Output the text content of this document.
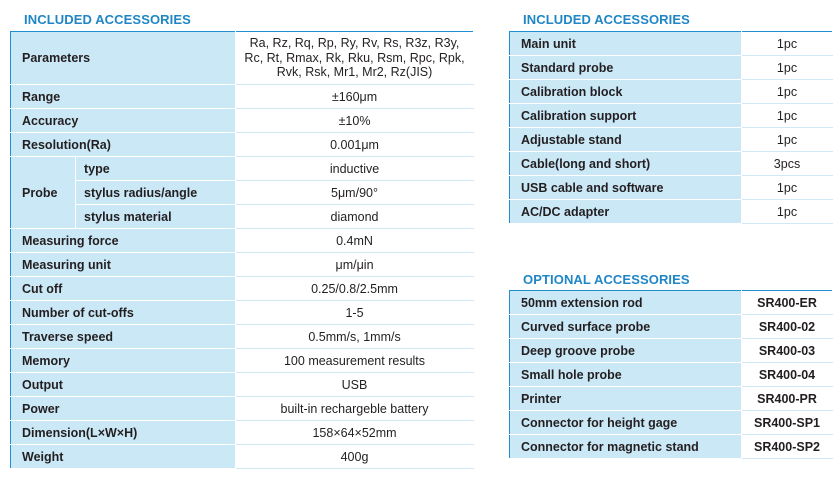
INCLUDED ACCESSORIES
Parameters		Ra, Rz, Rq, Rp, Ry, Rv, Rs, R3z, R3y, Rc, Rt, Rmax, Rk, Rku, Rsm, Rpc, Rpk, Rvk, Rsk, Mr1, Mr2, Rz(JIS)
Range		±160μm
Accuracy		±10%
Resolution(Ra)		0.001μm
Probe	type	inductive
	stylus radius/angle	5μm/90°
	stylus material	diamond
Measuring force		0.4mN
Measuring unit		μm/μin
Cut off		0.25/0.8/2.5mm
Number of cut-offs		1-5
Traverse speed		0.5mm/s, 1mm/s
Memory		100 measurement results
Output		USB
Power		built-in rechargeble battery
Dimension(L×W×H)		158×64×52mm
Weight		400g
INCLUDED ACCESSORIES
Main unit	1pc
Standard probe	1pc
Calibration block	1pc
Calibration support	1pc
Adjustable stand	1pc
Cable(long and short)	3pcs
USB cable and software	1pc
AC/DC adapter	1pc
OPTIONAL ACCESSORIES
50mm extension rod	SR400-ER
Curved surface probe	SR400-02
Deep groove probe	SR400-03
Small hole probe	SR400-04
Printer	SR400-PR
Connector for height gage	SR400-SP1
Connector for magnetic stand	SR400-SP2
